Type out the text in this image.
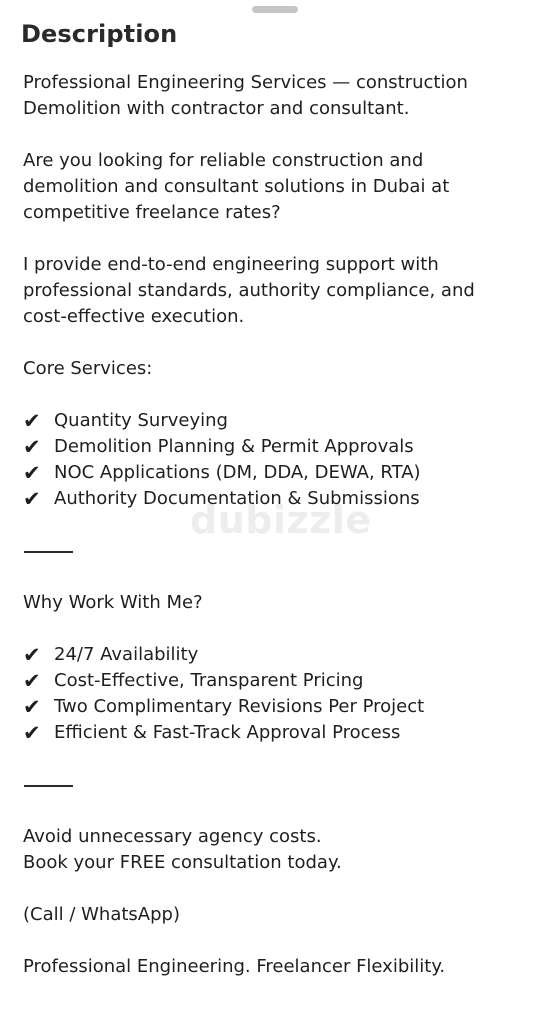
Description
Professional Engineering Services — construction
Demolition with contractor and consultant.
Are you looking for reliable construction and
demolition and consultant solutions in Dubai at
competitive freelance rates?
I provide end-to-end engineering support with
professional standards, authority compliance, and
cost-effective execution.
Core Services:
✔ Quantity Surveying
✔ Demolition Planning & Permit Approvals
✔ NOC Applications (DM, DDA, DEWA, RTA)
✔ Authority Documentation & Submissions
Why Work With Me?
✔ 24/7 Availability
✔ Cost-Effective, Transparent Pricing
✔ Two Complimentary Revisions Per Project
✔ Efficient & Fast-Track Approval Process
Avoid unnecessary agency costs.
Book your FREE consultation today.
(Call / WhatsApp)
Professional Engineering. Freelancer Flexibility.
dubizzle
